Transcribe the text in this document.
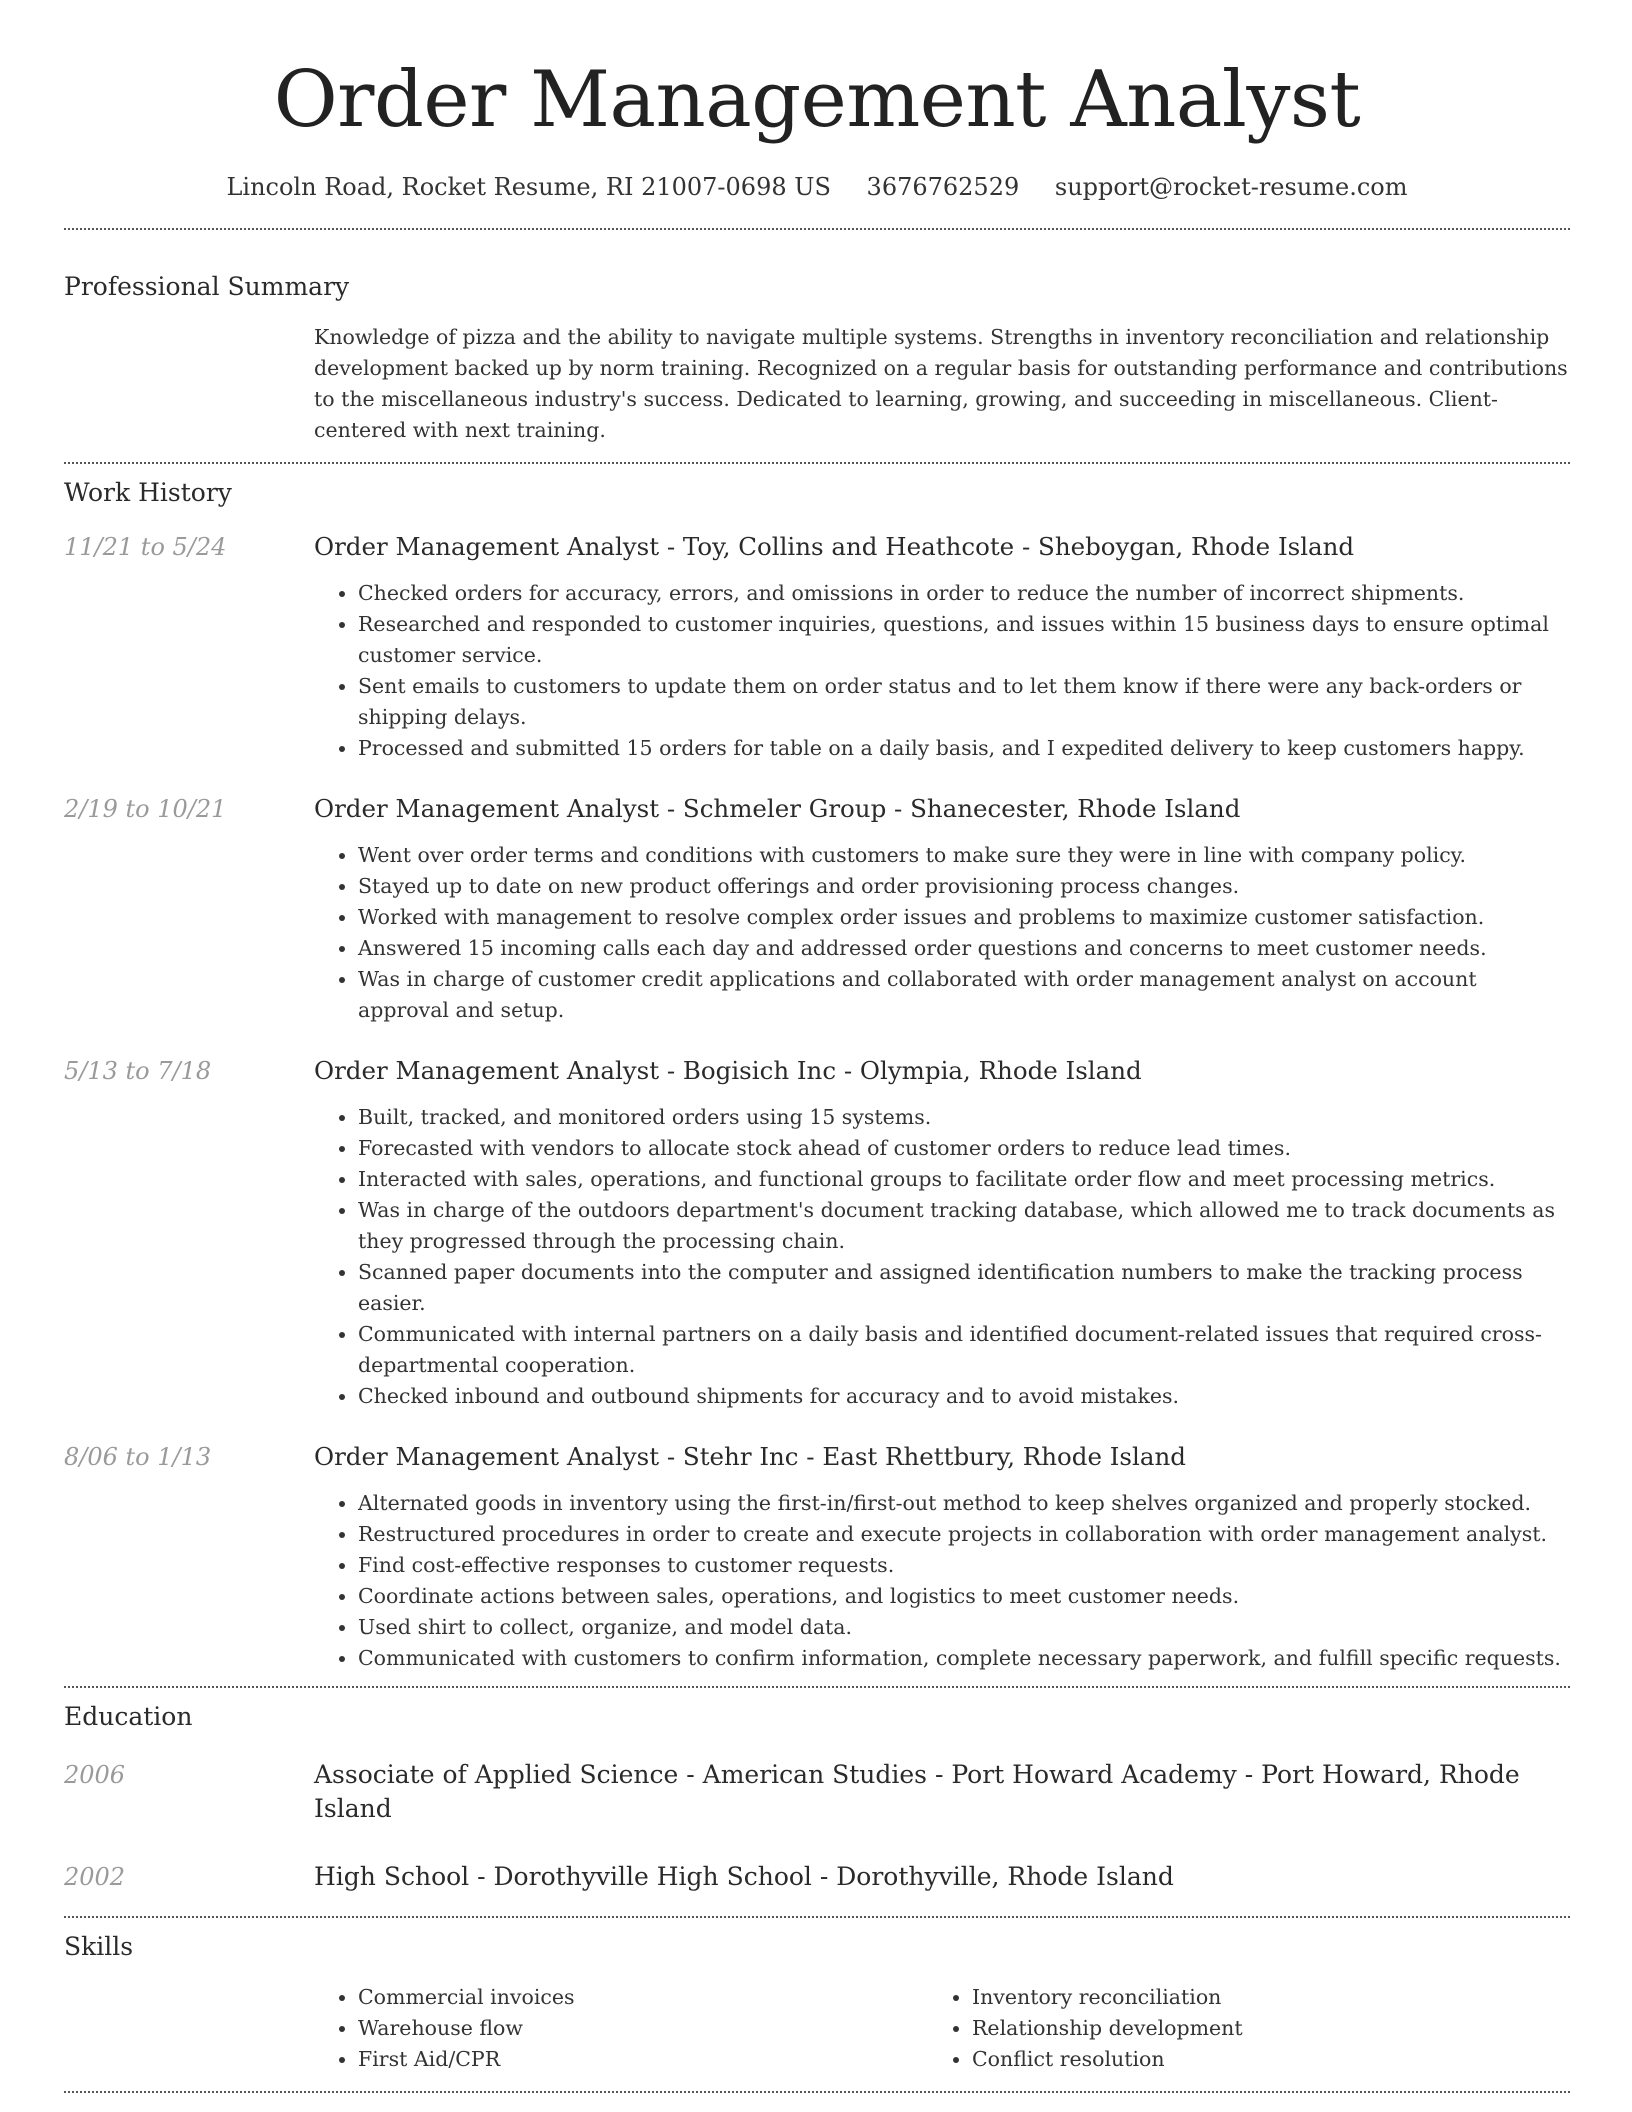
Order Management Analyst
Lincoln Road, Rocket Resume, RI 21007-0698 US 3676762529 support@rocket-resume.com
Professional Summary
Knowledge of pizza and the ability to navigate multiple systems. Strengths in inventory reconciliation and relationship development backed up by norm training. Recognized on a regular basis for outstanding performance and contributions to the miscellaneous industry's success. Dedicated to learning, growing, and succeeding in miscellaneous. Client-centered with next training.
Work History
11/21 to 5/24	Order Management Analyst - Toy, Collins and Heathcote - Sheboygan, Rhode Island
• Checked orders for accuracy, errors, and omissions in order to reduce the number of incorrect shipments.
• Researched and responded to customer inquiries, questions, and issues within 15 business days to ensure optimal customer service.
• Sent emails to customers to update them on order status and to let them know if there were any back-orders or shipping delays.
• Processed and submitted 15 orders for table on a daily basis, and I expedited delivery to keep customers happy.
2/19 to 10/21	Order Management Analyst - Schmeler Group - Shanecester, Rhode Island
• Went over order terms and conditions with customers to make sure they were in line with company policy.
• Stayed up to date on new product offerings and order provisioning process changes.
• Worked with management to resolve complex order issues and problems to maximize customer satisfaction.
• Answered 15 incoming calls each day and addressed order questions and concerns to meet customer needs.
• Was in charge of customer credit applications and collaborated with order management analyst on account approval and setup.
5/13 to 7/18	Order Management Analyst - Bogisich Inc - Olympia, Rhode Island
• Built, tracked, and monitored orders using 15 systems.
• Forecasted with vendors to allocate stock ahead of customer orders to reduce lead times.
• Interacted with sales, operations, and functional groups to facilitate order flow and meet processing metrics.
• Was in charge of the outdoors department's document tracking database, which allowed me to track documents as they progressed through the processing chain.
• Scanned paper documents into the computer and assigned identification numbers to make the tracking process easier.
• Communicated with internal partners on a daily basis and identified document-related issues that required cross-departmental cooperation.
• Checked inbound and outbound shipments for accuracy and to avoid mistakes.
8/06 to 1/13	Order Management Analyst - Stehr Inc - East Rhettbury, Rhode Island
• Alternated goods in inventory using the first-in/first-out method to keep shelves organized and properly stocked.
• Restructured procedures in order to create and execute projects in collaboration with order management analyst.
• Find cost-effective responses to customer requests.
• Coordinate actions between sales, operations, and logistics to meet customer needs.
• Used shirt to collect, organize, and model data.
• Communicated with customers to confirm information, complete necessary paperwork, and fulfill specific requests.
Education
2006	Associate of Applied Science - American Studies - Port Howard Academy - Port Howard, Rhode Island
2002	High School - Dorothyville High School - Dorothyville, Rhode Island
Skills
• Commercial invoices
• Warehouse flow
• First Aid/CPR
• Inventory reconciliation
• Relationship development
• Conflict resolution
